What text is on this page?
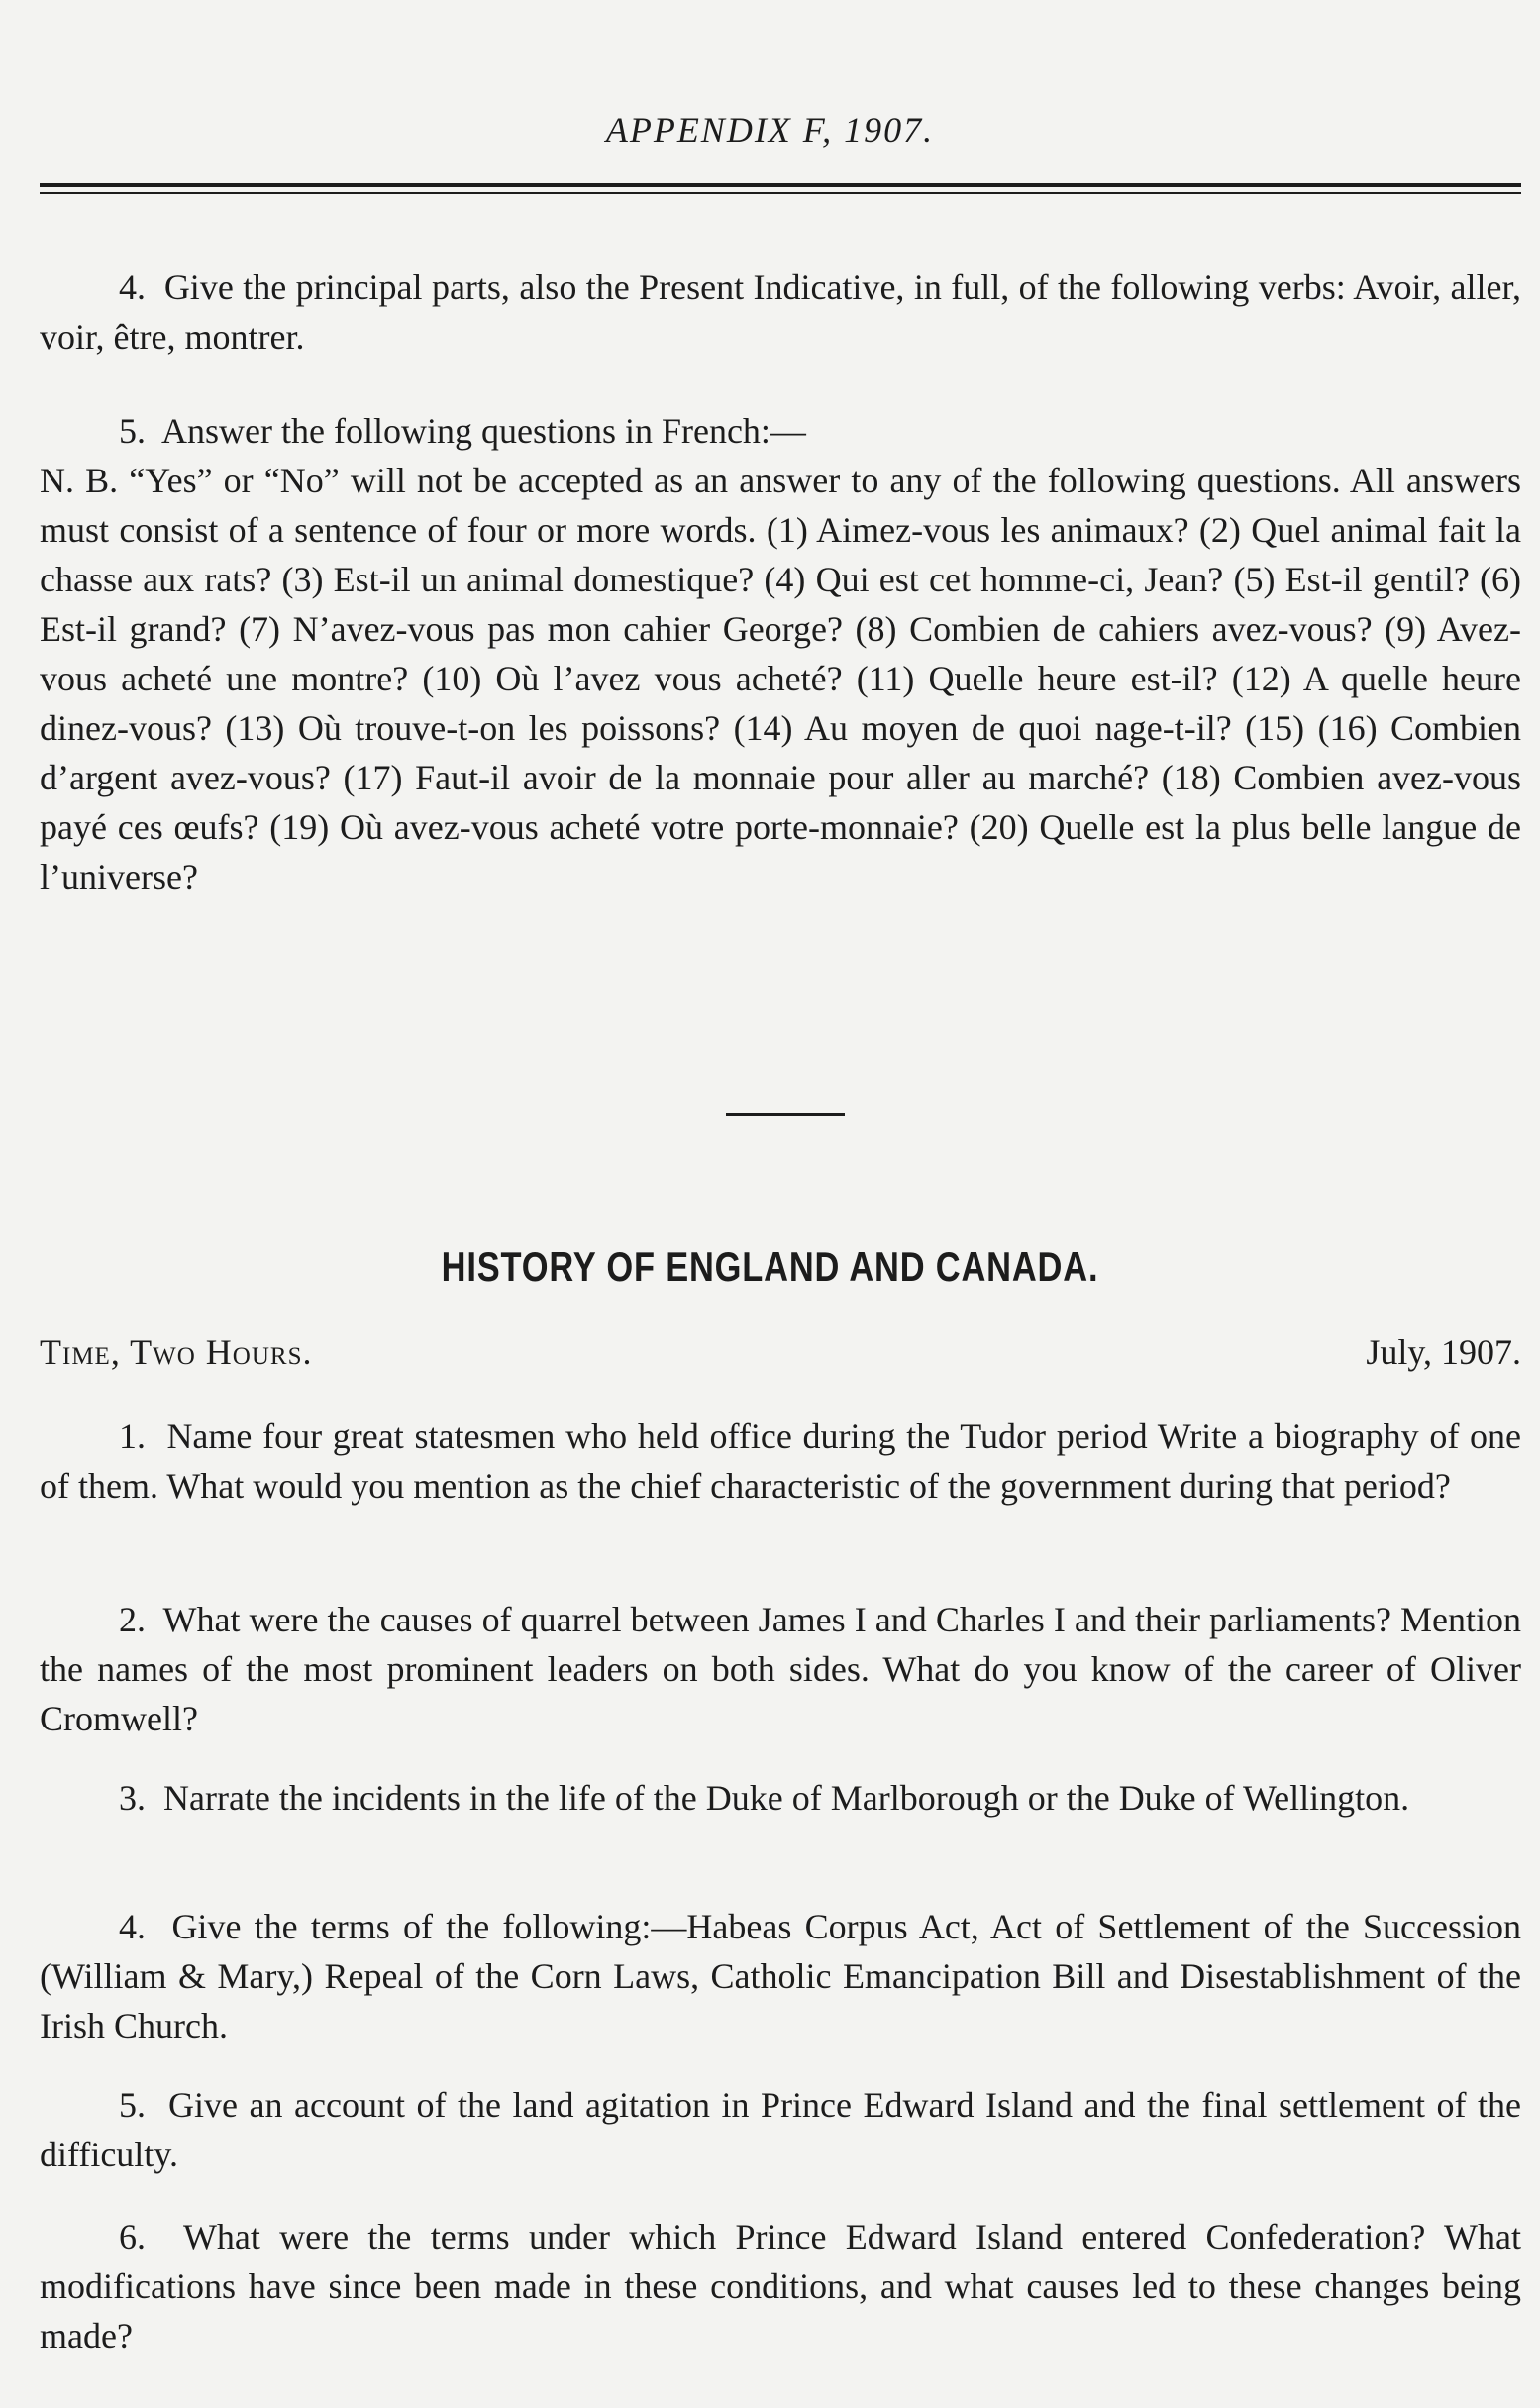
APPENDIX F, 1907.
4. Give the principal parts, also the Present Indicative, in full, of the following verbs: Avoir, aller, voir, être, montrer.
5. Answer the following questions in French:—
N. B. “Yes” or “No” will not be accepted as an answer to any of the following questions. All answers must consist of a sentence of four or more words. (1) Aimez-vous les animaux? (2) Quel animal fait la chasse aux rats? (3) Est-il un animal domestique? (4) Qui est cet homme-ci, Jean? (5) Est-il gentil? (6) Est-il grand? (7) N’avez-vous pas mon cahier George? (8) Combien de cahiers avez-vous? (9) Avez-vous acheté une montre? (10) Où l’avez vous acheté? (11) Quelle heure est-il? (12) A quelle heure dinez-vous? (13) Où trouve-t-on les poissons? (14) Au moyen de quoi nage-t-il? (15) (16) Combien d’argent avez-vous? (17) Faut-il avoir de la monnaie pour aller au marché? (18) Combien avez-vous payé ces œufs? (19) Où avez-vous acheté votre porte-monnaie? (20) Quelle est la plus belle langue de l’universe?
HISTORY OF ENGLAND AND CANADA.
Time, Two Hours.	July, 1907.
1. Name four great statesmen who held office during the Tudor period Write a biography of one of them. What would you mention as the chief characteristic of the government during that period?
2. What were the causes of quarrel between James I and Charles I and their parliaments? Mention the names of the most prominent leaders on both sides. What do you know of the career of Oliver Cromwell?
3. Narrate the incidents in the life of the Duke of Marlborough or the Duke of Wellington.
4. Give the terms of the following:—Habeas Corpus Act, Act of Settlement of the Succession (William & Mary,) Repeal of the Corn Laws, Catholic Emancipation Bill and Disestablishment of the Irish Church.
5. Give an account of the land agitation in Prince Edward Island and the final settlement of the difficulty.
6. What were the terms under which Prince Edward Island entered Confederation? What modifications have since been made in these conditions, and what causes led to these changes being made?
